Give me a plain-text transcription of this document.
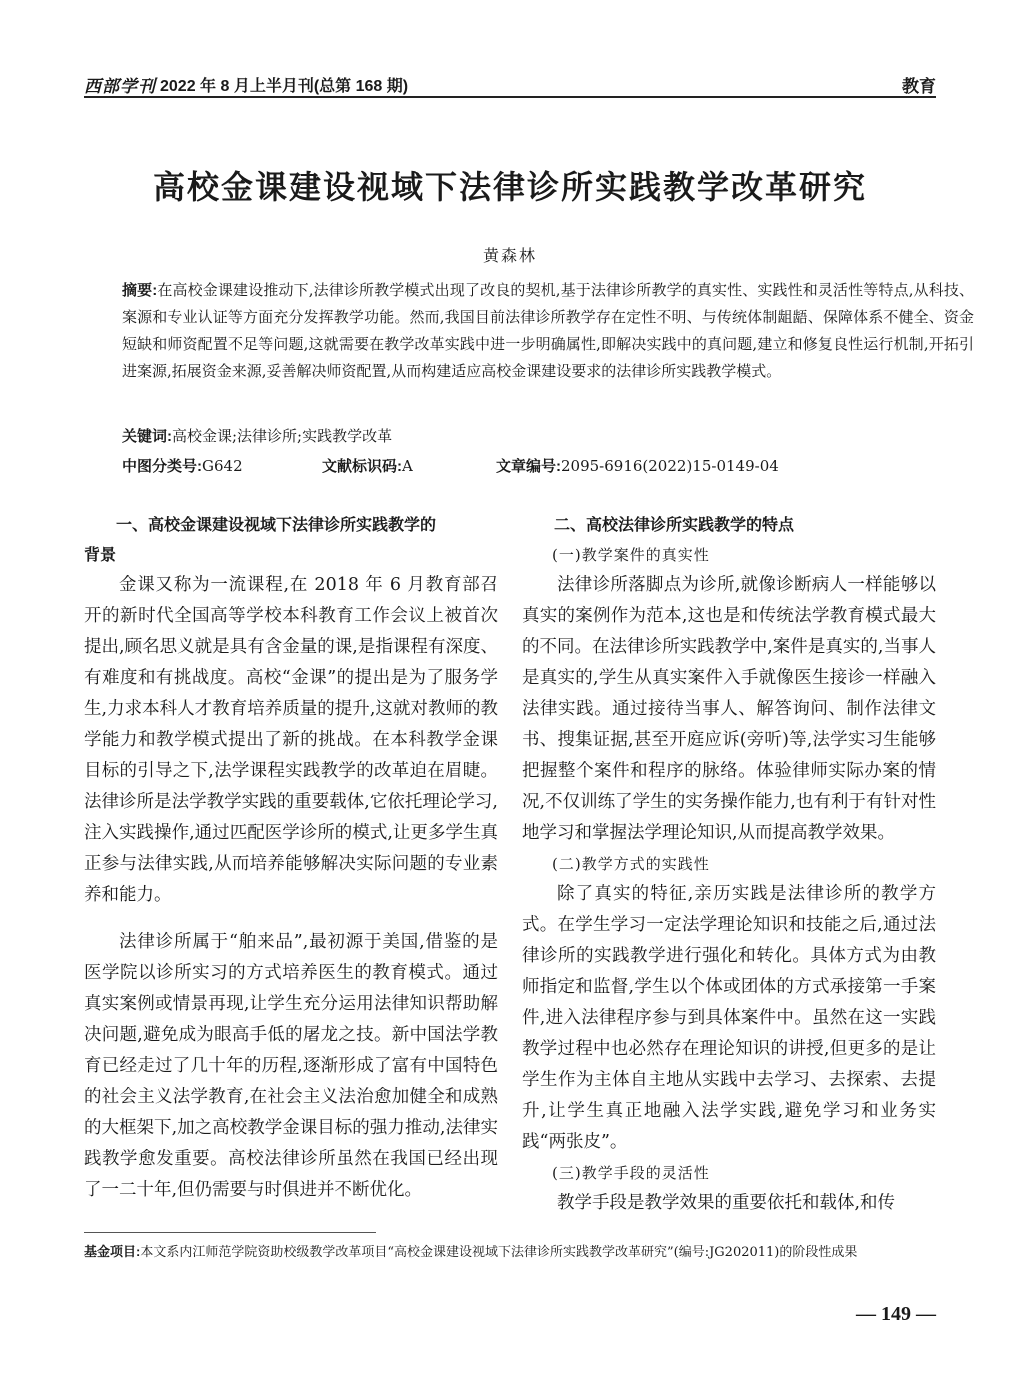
西部学刊 2022 年 8 月上半月刊(总第 168 期)	教育
高校金课建设视域下法律诊所实践教学改革研究
黄森林
摘要:在高校金课建设推动下,法律诊所教学模式出现了改良的契机,基于法律诊所教学的真实性、实践性和灵活性等特点,从科技、案源和专业认证等方面充分发挥教学功能。然而,我国目前法律诊所教学存在定性不明、与传统体制龃龉、保障体系不健全、资金短缺和师资配置不足等问题,这就需要在教学改革实践中进一步明确属性,即解决实践中的真问题,建立和修复良性运行机制,开拓引进案源,拓展资金来源,妥善解决师资配置,从而构建适应高校金课建设要求的法律诊所实践教学模式。
关键词:高校金课;法律诊所;实践教学改革
中图分类号:G642	文献标识码:A	文章编号:2095-6916(2022)15-0149-04
一、高校金课建设视域下法律诊所实践教学的
背景

金课又称为一流课程,在 2018 年 6 月教育部召开的新时代全国高等学校本科教育工作会议上被首次提出,顾名思义就是具有含金量的课,是指课程有深度、有难度和有挑战度。高校“金课”的提出是为了服务学生,力求本科人才教育培养质量的提升,这就对教师的教学能力和教学模式提出了新的挑战。在本科教学金课目标的引导之下,法学课程实践教学的改革迫在眉睫。法律诊所是法学教学实践的重要载体,它依托理论学习,注入实践操作,通过匹配医学诊所的模式,让更多学生真正参与法律实践,从而培养能够解决实际问题的专业素养和能力。

法律诊所属于“舶来品”,最初源于美国,借鉴的是医学院以诊所实习的方式培养医生的教育模式。通过真实案例或情景再现,让学生充分运用法律知识帮助解决问题,避免成为眼高手低的屠龙之技。新中国法学教育已经走过了几十年的历程,逐渐形成了富有中国特色的社会主义法学教育,在社会主义法治愈加健全和成熟的大框架下,加之高校教学金课目标的强力推动,法律实践教学愈发重要。高校法律诊所虽然在我国已经出现了一二十年,但仍需要与时俱进并不断优化。

二、高校法律诊所实践教学的特点
(一)教学案件的真实性

法律诊所落脚点为诊所,就像诊断病人一样能够以真实的案例作为范本,这也是和传统法学教育模式最大的不同。在法律诊所实践教学中,案件是真实的,当事人是真实的,学生从真实案件入手就像医生接诊一样融入法律实践。通过接待当事人、解答询问、制作法律文书、搜集证据,甚至开庭应诉(旁听)等,法学实习生能够把握整个案件和程序的脉络。体验律师实际办案的情况,不仅训练了学生的实务操作能力,也有利于有针对性地学习和掌握法学理论知识,从而提高教学效果。

(二)教学方式的实践性

除了真实的特征,亲历实践是法律诊所的教学方式。在学生学习一定法学理论知识和技能之后,通过法律诊所的实践教学进行强化和转化。具体方式为由教师指定和监督,学生以个体或团体的方式承接第一手案件,进入法律程序参与到具体案件中。虽然在这一实践教学过程中也必然存在理论知识的讲授,但更多的是让学生作为主体自主地从实践中去学习、去探索、去提升,让学生真正地融入法学实践,避免学习和业务实践“两张皮”。

(三)教学手段的灵活性

教学手段是教学效果的重要依托和载体,和传

基金项目:本文系内江师范学院资助校级教学改革项目“高校金课建设视域下法律诊所实践教学改革研究”(编号:JG202011)的阶段性成果
— 149 —
